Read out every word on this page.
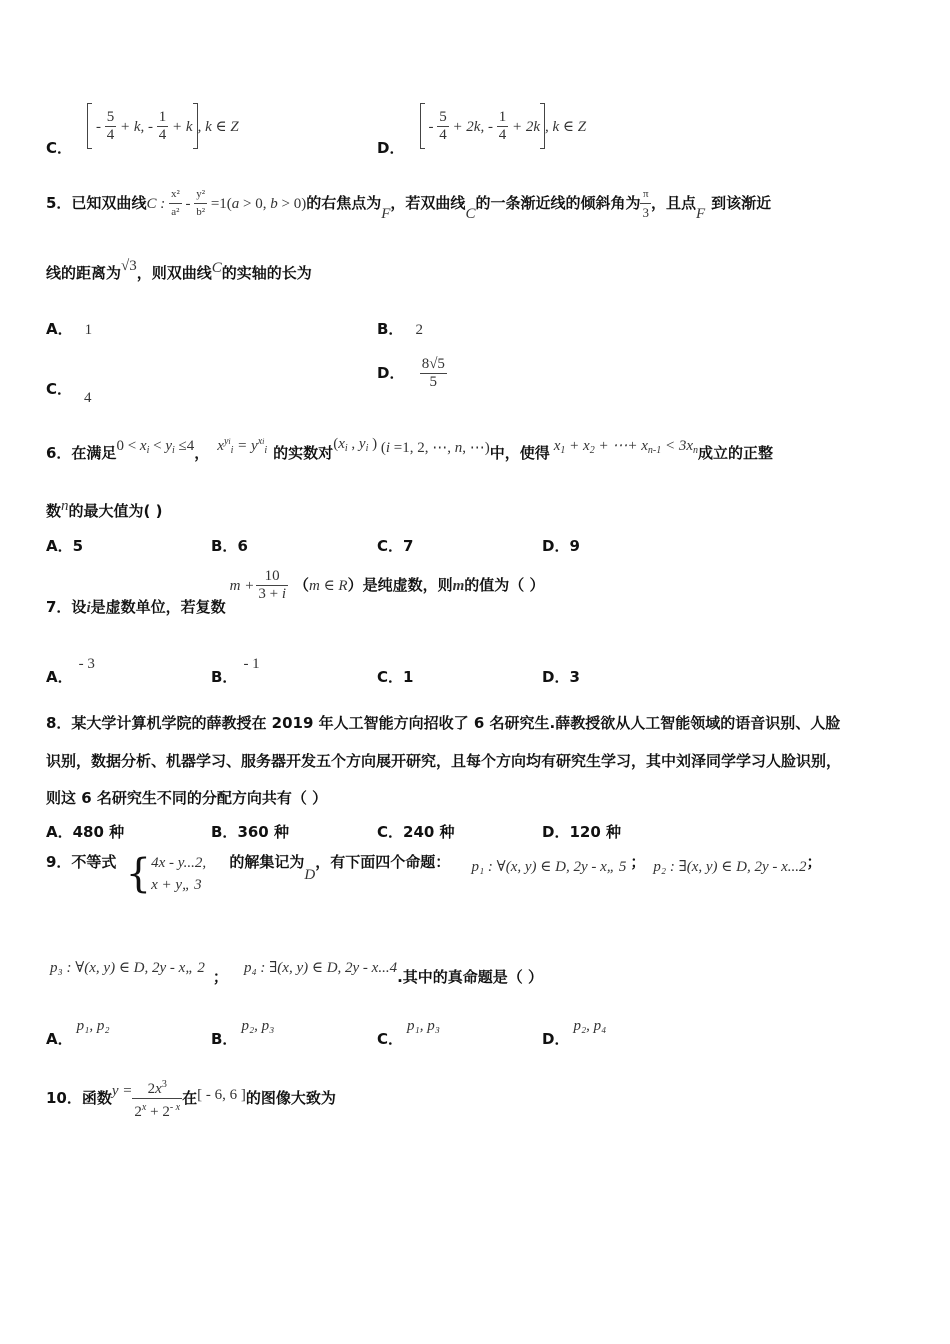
C．  - $\frac{5}{4} + k$, - $\frac{1}{4} + k$ , k ∈ Z
D．  - $\frac{5}{4} + 2k$, - $\frac{1}{4} + 2k$ , k ∈ Z
5．已知双曲线C : $\frac{\text{x²}}{\text{a²}} - \frac{\text{y²}}{\text{b²}} =1(a > 0$, b > 0)的右焦点为F，若双曲线C的一条渐近线的倾斜角为 $\frac{\pi}{3}$ ，且点F到该渐近
线的距离为√3，则双曲线C的实轴的长为
A． 1	B． 2
C． 4
D． $\frac{8√5}{5}$
6．在满足$0 < x_i < y_i \le 4$， $x^{yi}_i = y^{xi}_i$ 的实数对($x_i$ , $y_i$ ) (i =1, 2, ⋯, n, ⋯)中，使得 $x_1 + x_2$ + ⋯+ $x_{n-1} < 3x_n$成立的正整
数n的最大值为( )
A．5	B．6	C．7	D．9
7．设i是虚数单位，若复数$m + \frac{10}{3 + i} (m$ ∈ R）是纯虚数，则m的值为（ ）
A．- 3
B．- 1
C．1	D．3
8．某大学计算机学院的薛教授在 2019 年人工智能方向招收了 6 名研究生.薛教授欲从人工智能领域的语音识别、人脸
识别，数据分析、机器学习、服务器开发五个方向展开研究，且每个方向均有研究生学习，其中刘泽同学学习人脸识别，
则这 6 名研究生不同的分配方向共有（ ）
A．480 种	B．360 种	C．240 种	D．120 种
9．不等式 { 4x - y...2,
x + y„ 3
的解集记为D，有下面四个命题： p₁ : ∀(x, y) ∈ D, 2y - x„ 5 ； p₂ : ∃(x, y) ∈ D, 2y - x...2；
p₃ : ∀(x, y) ∈ D, 2y - x„ 2 ； p₄ : ∃(x, y) ∈ D, 2y - x...4.其中的真命题是（ ）
A．p₁, p₂
B．p₂, p₃
C．p₁, p₃
D．p₂, p₄
10．函数$y = \frac{2x^3}{2^x + 2^{- x}}$ 在[ - 6, 6 ]的图像大致为
